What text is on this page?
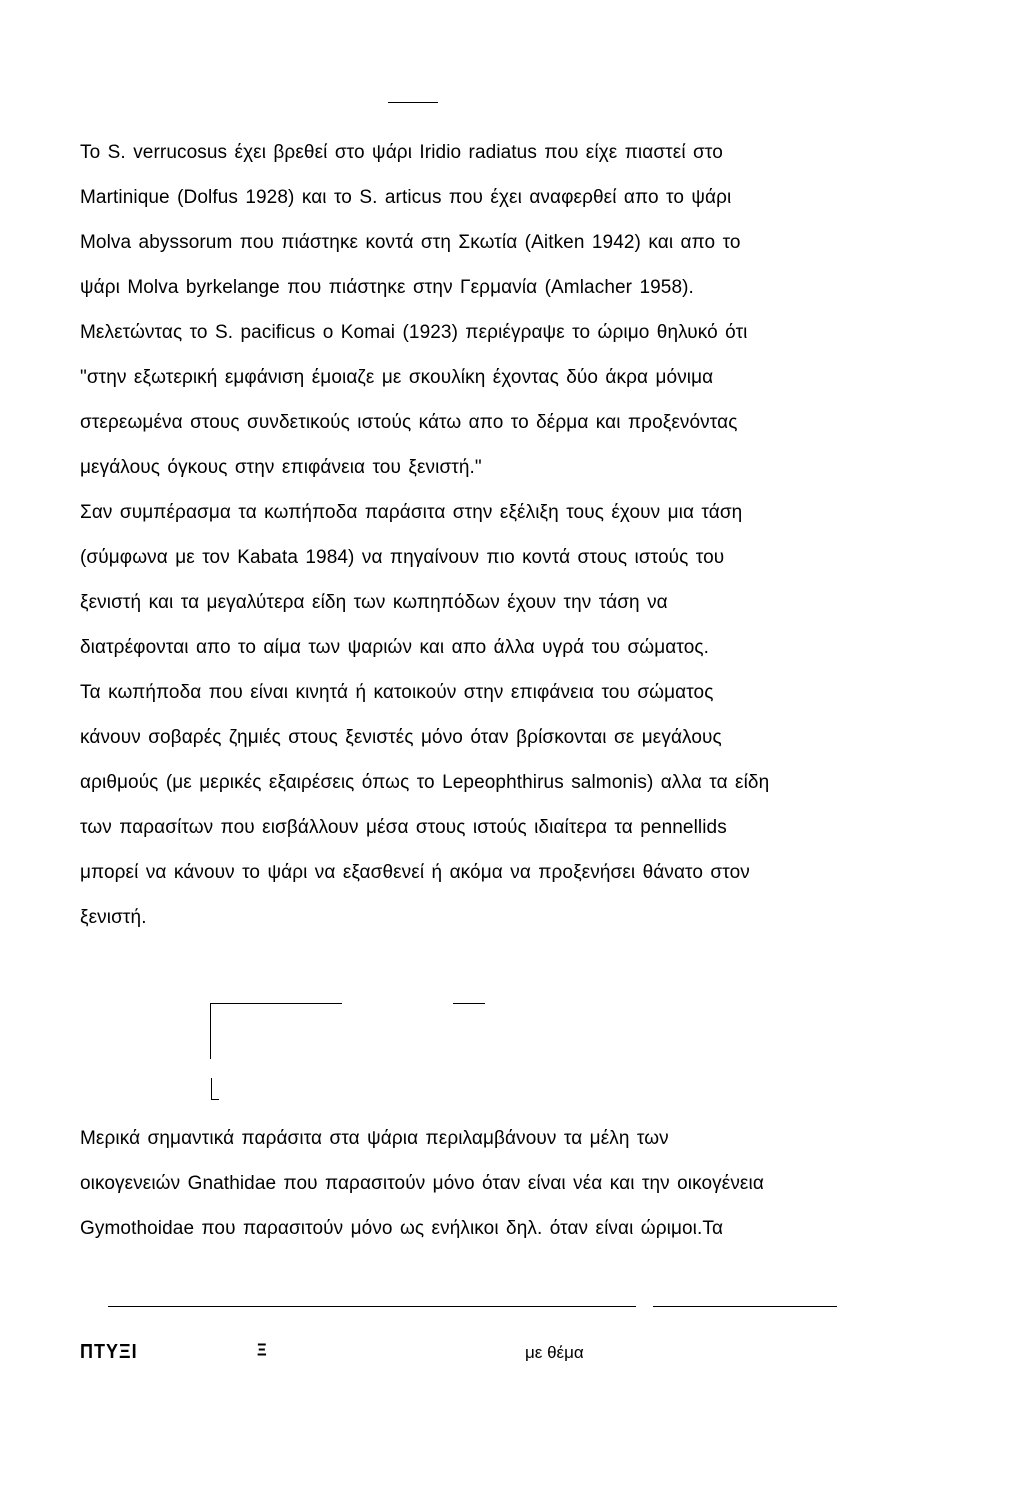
Το S. verrucosus έχει βρεθεί στο ψάρι Iridio radiatus που είχε πιαστεί στο
Martinique (Dolfus 1928) και το S. articus που έχει αναφερθεί απο το ψάρι
Molva abyssorum που πιάστηκε κοντά στη Σκωτία (Aitken 1942) και απο το
ψάρι Molva byrkelange που πιάστηκε στην Γερμανία (Amlacher 1958).
Μελετώντας το S. pacificus ο Komai (1923) περιέγραψε το ώριμο θηλυκό ότι
"στην εξωτερική εμφάνιση έμοιαζε με σκουλίκη έχοντας δύο άκρα μόνιμα
στερεωμένα στους συνδετικούς ιστούς κάτω απο το δέρμα και προξενόντας
μεγάλους όγκους στην επιφάνεια του ξενιστή."
Σαν συμπέρασμα τα κωπήποδα παράσιτα στην εξέλιξη τους έχουν μια τάση
(σύμφωνα με τον Kabata 1984) να πηγαίνουν πιο κοντά στους ιστούς του
ξενιστή και τα μεγαλύτερα είδη των κωπηπόδων έχουν την τάση να
διατρέφονται απο το αίμα των ψαριών και απο άλλα υγρά του σώματος.
Τα κωπήποδα που είναι κινητά ή κατοικούν στην επιφάνεια του σώματος
κάνουν σοβαρές ζημιές στους ξενιστές μόνο όταν βρίσκονται σε μεγάλους
αριθμούς (με μερικές εξαιρέσεις όπως το Lepeophthirus salmonis) αλλα τα είδη
των παρασίτων που εισβάλλουν μέσα στους ιστούς ιδιαίτερα τα pennellids
μπορεί να κάνουν το ψάρι να εξασθενεί ή ακόμα να προξενήσει θάνατο στον
ξενιστή.
Μερικά σημαντικά παράσιτα στα ψάρια περιλαμβάνουν τα μέλη των
οικογενειών Gnathidae που παρασιτούν μόνο όταν είναι νέα και την οικογένεια
Gymothoidae που παρασιτούν μόνο ως ενήλικοι δηλ. όταν είναι ώριμοι.Τα
ΠΤΥΞΙ	Ξ	με θέμα
